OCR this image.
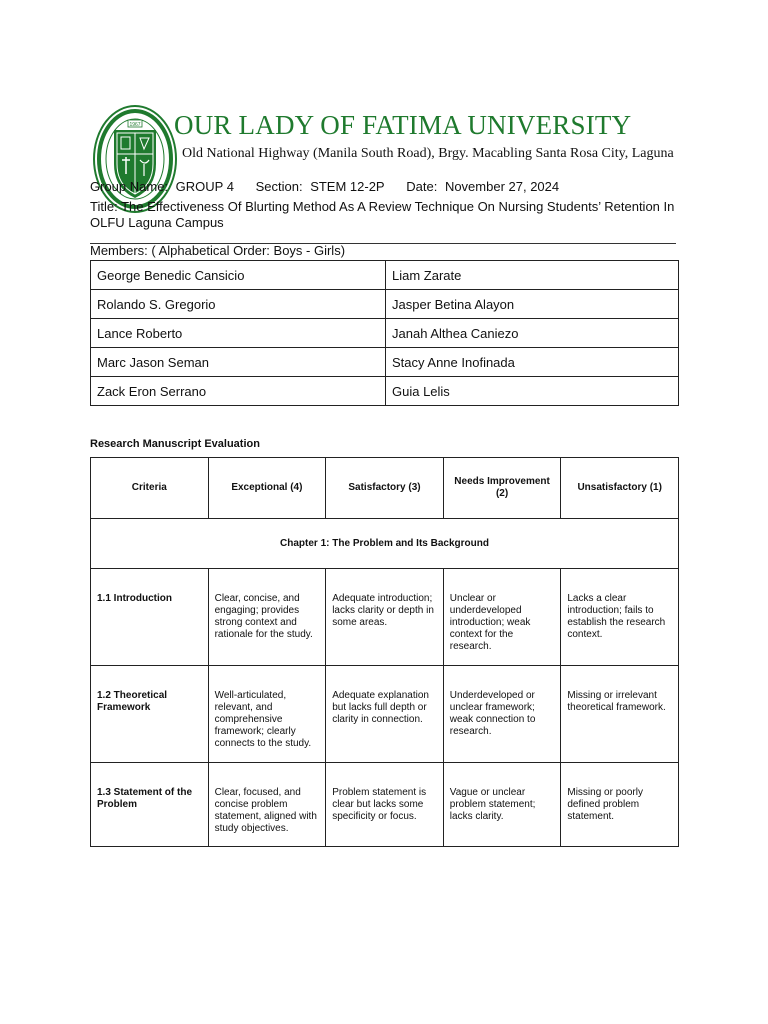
1967 OUR LADY OF FATIMA UNIVERSITY
Old National Highway (Manila South Road), Brgy. Macabling Santa Rosa City, Laguna
Group Name: GROUP 4 Section: STEM 12-2P Date: November 27, 2024
Title: The Effectiveness Of Blurting Method As A Review Technique On Nursing Students’ Retention In OLFU Laguna Campus
Members: ( Alphabetical Order: Boys - Girls)
George Benedic Cansicio	Liam Zarate
Rolando S. Gregorio	Jasper Betina Alayon
Lance Roberto	Janah Althea Caniezo
Marc Jason Seman	Stacy Anne Inofinada
Zack Eron Serrano	Guia Lelis
Research Manuscript Evaluation
Criteria	Exceptional (4)	Satisfactory (3)	Needs Improvement (2)	Unsatisfactory (1)
Chapter 1: The Problem and Its Background				
1.1 Introduction	Clear, concise, and engaging; provides strong context and rationale for the study.	Adequate introduction; lacks clarity or depth in some areas.	Unclear or underdeveloped introduction; weak context for the research.	Lacks a clear introduction; fails to establish the research context.
1.2 Theoretical Framework	Well-articulated, relevant, and comprehensive framework; clearly connects to the study.	Adequate explanation but lacks full depth or clarity in connection.	Underdeveloped or unclear framework; weak connection to research.	Missing or irrelevant theoretical framework.
1.3 Statement of the Problem	Clear, focused, and concise problem statement, aligned with study objectives.	Problem statement is clear but lacks some specificity or focus.	Vague or unclear problem statement; lacks clarity.	Missing or poorly defined problem statement.
